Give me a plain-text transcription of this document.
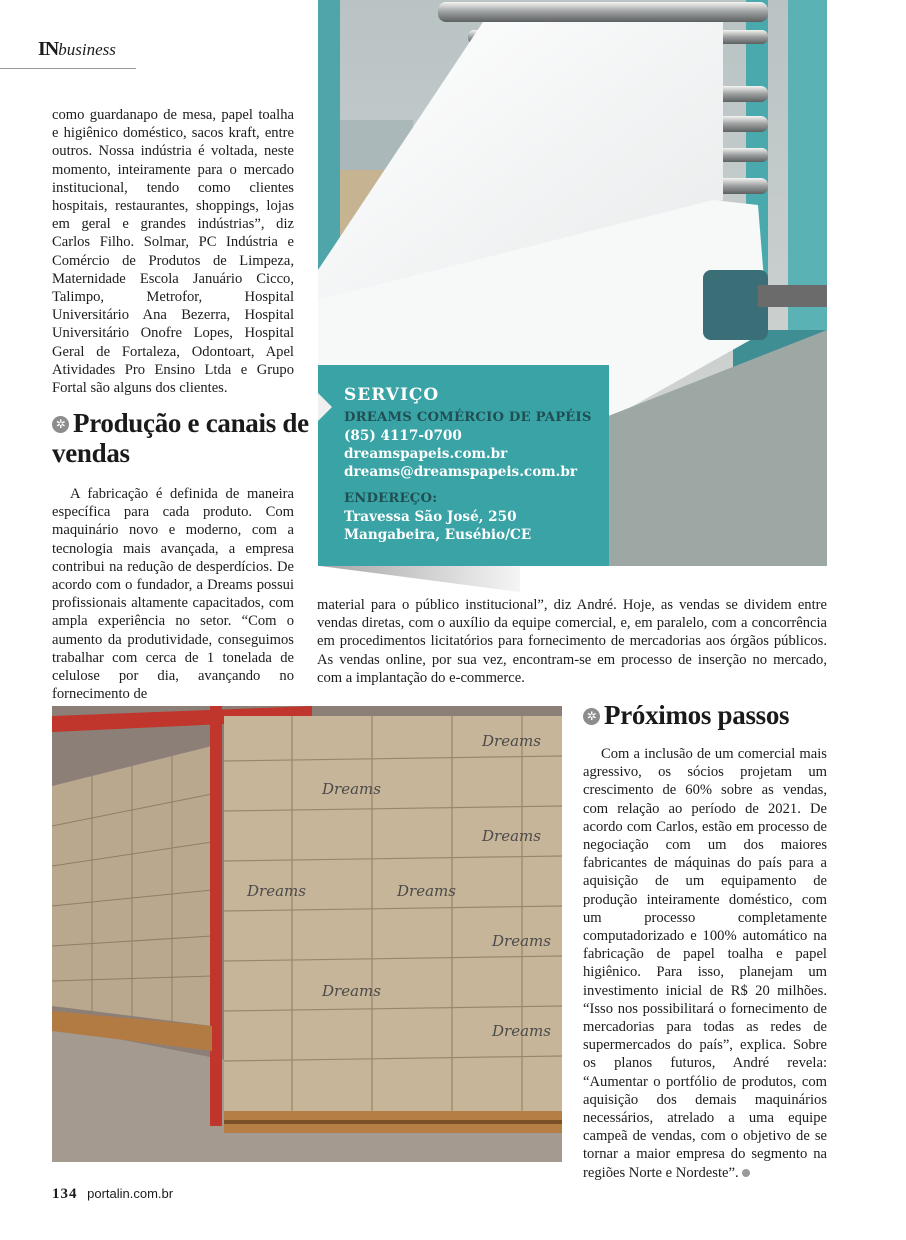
INbusiness

como guardanapo de mesa, papel toalha e higiênico doméstico, sacos kraft, entre outros. Nossa indústria é voltada, neste momento, inteiramente para o mercado institucional, tendo como clientes hospitais, restaurantes, shoppings, lojas em geral e grandes indústrias”, diz Carlos Filho. Solmar, PC Indústria e Comércio de Produtos de Limpeza, Maternidade Escola Januário Cicco, Talimpo, Metrofor, Hospital Universitário Ana Bezerra, Hospital Universitário Onofre Lopes, Hospital Geral de Fortaleza, Odontoart, Apel Atividades Pro Ensino Ltda e Grupo Fortal são alguns dos clientes.

✲ Produção e canais de vendas

A fabricação é definida de maneira específica para cada produto. Com maquinário novo e moderno, com a tecnologia mais avançada, a empresa contribui na redução de desperdícios. De acordo com o fundador, a Dreams possui profissionais altamente capacitados, com ampla experiência no setor. “Com o aumento da produtividade, conseguimos trabalhar com cerca de 1 tonelada de celulose por dia, avançando no fornecimento de

SERVIÇO
DREAMS COMÉRCIO DE PAPÉIS
(85) 4117-0700
dreamspapeis.com.br
dreams@dreamspapeis.com.br
ENDEREÇO:
Travessa São José, 250
Mangabeira, Eusébio/CE

material para o público institucional”, diz André. Hoje, as vendas se dividem entre vendas diretas, com o auxílio da equipe comercial, e, em paralelo, com a concorrência em procedimentos licitatórios para fornecimento de mercadorias aos órgãos públicos. As vendas online, por sua vez, encontram-se em processo de inserção no mercado, com a implantação do e-commerce.

Dreams
Dreams
Dreams
Dreams	Dreams
Dreams
Dreams
Dreams
✲ Próximos passos

Com a inclusão de um comercial mais agressivo, os sócios projetam um crescimento de 60% sobre as vendas, com relação ao período de 2021. De acordo com Carlos, estão em processo de negociação com um dos maiores fabricantes de máquinas do país para a aquisição de um equipamento de produção inteiramente doméstico, com um processo completamente computadorizado e 100% automático na fabricação de papel toalha e papel higiênico. Para isso, planejam um investimento inicial de R$ 20 milhões. “Isso nos possibilitará o fornecimento de mercadorias para todas as redes de supermercados do país”, explica. Sobre os planos futuros, André revela: “Aumentar o portfólio de produtos, com aquisição dos demais maquinários necessários, atrelado a uma equipe campeã de vendas, com o objetivo de se tornar a maior empresa do segmento na regiões Norte e Nordeste”.

134 portalin.com.br
